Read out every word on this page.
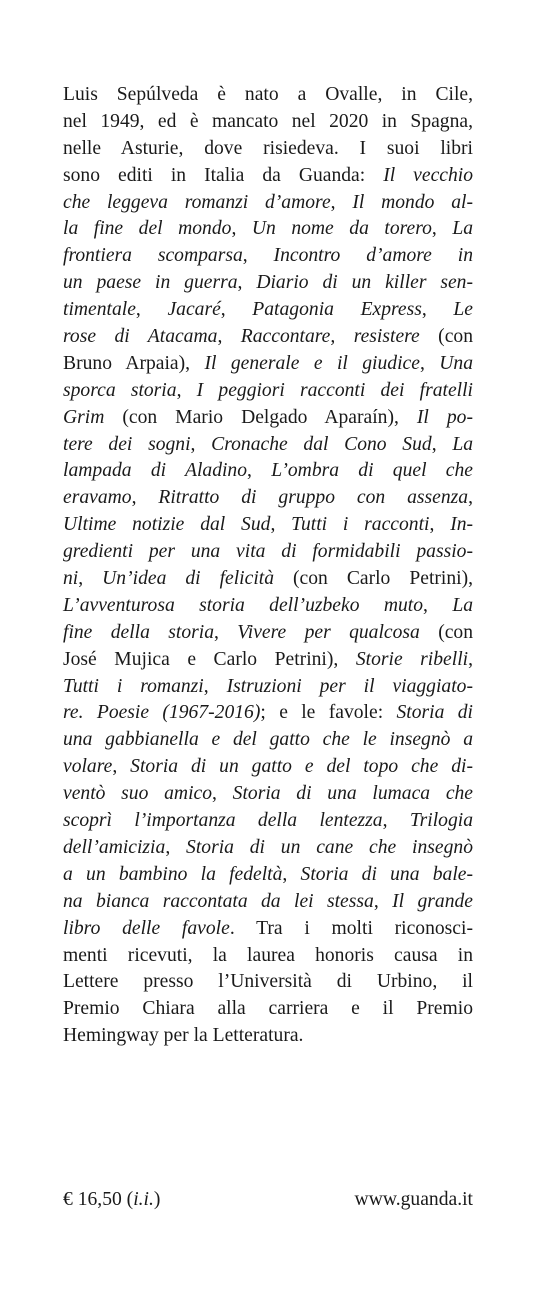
Luis Sepúlveda è nato a Ovalle, in Cile,
nel 1949, ed è mancato nel 2020 in Spagna,
nelle Asturie, dove risiedeva. I suoi libri
sono editi in Italia da Guanda: Il vecchio
che leggeva romanzi d’amore, Il mondo al-
la fine del mondo, Un nome da torero, La
frontiera scomparsa, Incontro d’amore in
un paese in guerra, Diario di un killer sen-
timentale, Jacaré, Patagonia Express, Le
rose di Atacama, Raccontare, resistere (con
Bruno Arpaia), Il generale e il giudice, Una
sporca storia, I peggiori racconti dei fratelli
Grim (con Mario Delgado Aparaín), Il po-
tere dei sogni, Cronache dal Cono Sud, La
lampada di Aladino, L’ombra di quel che
eravamo, Ritratto di gruppo con assenza,
Ultime notizie dal Sud, Tutti i racconti, In-
gredienti per una vita di formidabili passio-
ni, Un’idea di felicità (con Carlo Petrini),
L’avventurosa storia dell’uzbeko muto, La
fine della storia, Vivere per qualcosa (con
José Mujica e Carlo Petrini), Storie ribelli,
Tutti i romanzi, Istruzioni per il viaggiato-
re. Poesie (1967-2016); e le favole: Storia di
una gabbianella e del gatto che le insegnò a
volare, Storia di un gatto e del topo che di-
ventò suo amico, Storia di una lumaca che
scoprì l’importanza della lentezza, Trilogia
dell’amicizia, Storia di un cane che insegnò
a un bambino la fedeltà, Storia di una bale-
na bianca raccontata da lei stessa, Il grande
libro delle favole. Tra i molti riconosci-
menti ricevuti, la laurea honoris causa in
Lettere presso l’Università di Urbino, il
Premio Chiara alla carriera e il Premio
Hemingway per la Letteratura.

€ 16,50 (i.i.)	www.guanda.it
